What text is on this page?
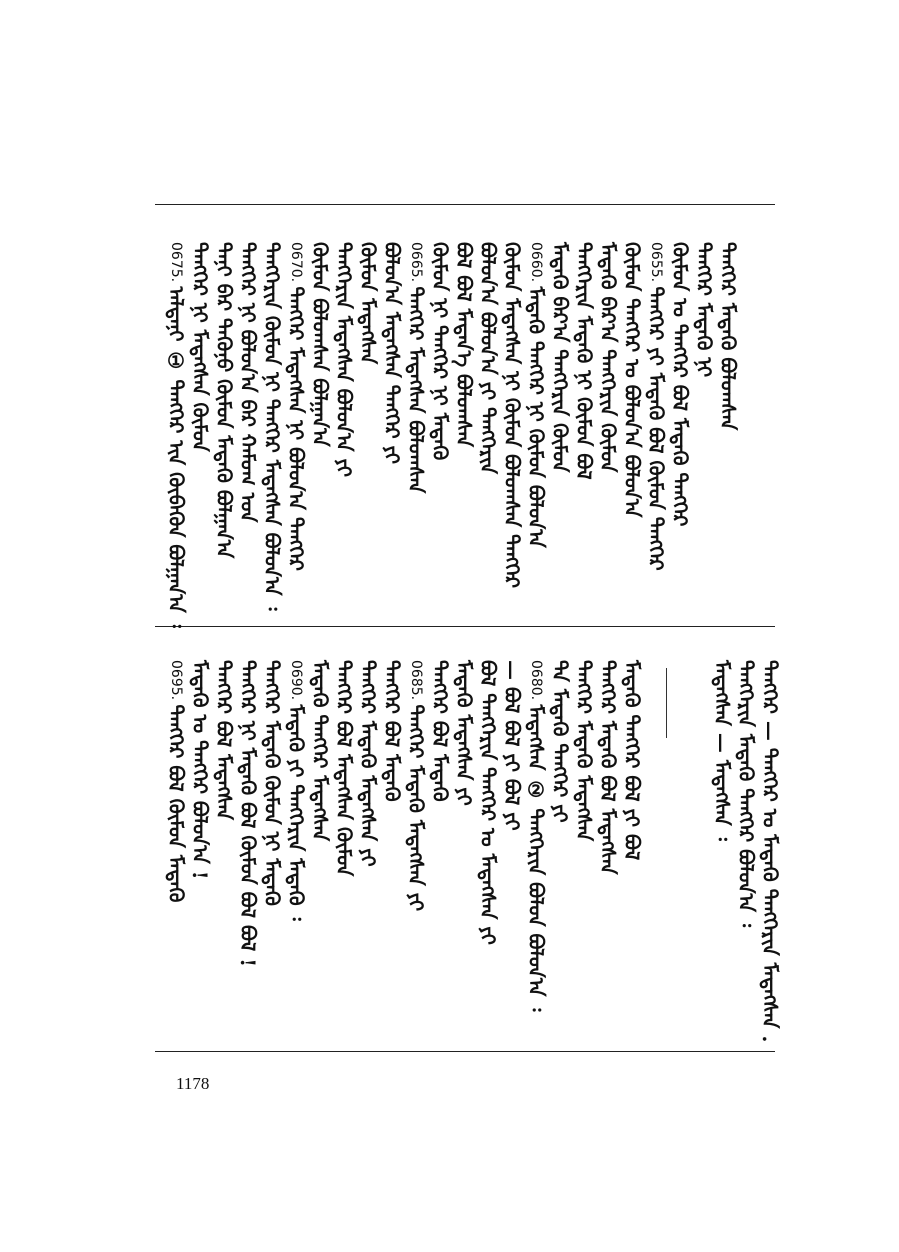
0675. ᠠᠯᠲᠠᠨᠢ ① ᠲᠡᠩᠭᠡᠷ ᠢᠨ ᠬᠥᠪᠡᠭᠦᠨ ᠪᠣᠯᠭᠠᠨ᠎ᠠ ᠄ ᠲᠡᠩᠭᠡᠷ ᠨᠢ ᠮᠡᠳᠡᠭᠰᠡᠨ ᠬᠦᠮᠦᠨ ᠲᠠᠨᠢ ᠪᠠᠷ ᠲᠡᠭᠦᠨᠦ ᠬᠦᠮᠦᠨ ᠮᠡᠳᠡᠬᠦ ᠪᠣᠯᠭᠠᠨ᠎ᠠ ᠲᠡᠩᠭᠡᠷ ᠨᠢ ᠪᠣᠯᠤᠨ᠎ᠠ ᠪᠠᠷ ᠬᠠᠮᠤᠭ ᠤᠨ ᠲᠡᠩᠭᠡᠷᠢᠨ ᠬᠦᠮᠦᠨ ᠨᠢ ᠲᠡᠩᠭᠡᠷ ᠮᠡᠳᠡᠭᠰᠡᠨ ᠪᠣᠯᠤᠨ᠎ᠠ ᠄ 0670. ᠲᠡᠩᠭᠡᠷ ᠮᠡᠳᠡᠭᠰᠡᠨ ᠨᠢ ᠪᠣᠯᠤᠨ᠎ᠠ ᠲᠡᠩᠭᠡᠷ ᠬᠦᠮᠦᠨ ᠪᠣᠯᠤᠭᠰᠠᠨ ᠪᠣᠯᠭᠠᠨ᠎ᠠ ᠲᠡᠩᠭᠡᠷᠢᠨ ᠮᠡᠳᠡᠭᠰᠡᠨ ᠪᠣᠯᠤᠨ᠎ᠠ ᠶᠢ ᠬᠦᠮᠦᠨ ᠮᠡᠳᠡᠭᠰᠡᠨ ᠪᠣᠯᠤᠨ᠎ᠠ ᠮᠡᠳᠡᠭᠰᠡᠨ ᠲᠡᠩᠭᠡᠷ ᠶᠢ 0665. ᠲᠡᠩᠭᠡᠷ ᠮᠡᠳᠡᠭᠰᠡᠨ ᠪᠣᠯᠤᠭᠰᠠᠨ ᠬᠦᠮᠦᠨ ᠨᠢ ᠲᠡᠩᠭᠡᠷ ᠨᠢ ᠮᠡᠳᠡᠬᠦ ᠪᠣᠯ ᠪᠣᠯ ᠮᠡᠳᠡᠨ᠎ᠡ ᠪᠣᠯᠤᠭᠰᠠᠨ ᠪᠣᠯᠤᠨ᠎ᠠ ᠪᠣᠯᠤᠨ᠎ᠠ ᠶᠢ ᠲᠡᠩᠭᠡᠷᠢᠨ ᠬᠦᠮᠦᠨ ᠮᠡᠳᠡᠭᠰᠡᠨ ᠨᠢ ᠬᠦᠮᠦᠨ ᠪᠣᠯᠤᠭᠰᠠᠨ ᠲᠡᠩᠭᠡᠷ 0660. ᠮᠡᠳᠡᠬᠦ ᠲᠡᠩᠭᠡᠷ ᠨᠢ ᠬᠦᠮᠦᠨ ᠪᠣᠯᠤᠨ᠎ᠠ ᠮᠡᠳᠡᠬᠦ ᠪᠠᠷ᠎ᠠ ᠲᠡᠩᠭᠡᠷᠢᠨ ᠬᠦᠮᠦᠨ ᠲᠡᠩᠭᠡᠷᠢᠨ ᠮᠡᠳᠡᠬᠦ ᠨᠢ ᠬᠦᠮᠦᠨ ᠪᠣᠯ ᠮᠡᠳᠡᠬᠦ ᠪᠠᠷ᠎ᠠ ᠲᠡᠩᠭᠡᠷᠢᠨ ᠬᠦᠮᠦᠨ ᠬᠦᠮᠦᠨ ᠲᠡᠩᠭᠡᠷ ᠤ ᠪᠣᠯᠤᠨ᠎ᠠ ᠪᠣᠯᠤᠨ᠎ᠠ 0655. ᠲᠡᠩᠭᠡᠷ ᠶᠢ ᠮᠡᠳᠡᠬᠦ ᠪᠣᠯ ᠬᠦᠮᠦᠨ ᠲᠡᠩᠭᠡᠷ ᠬᠦᠮᠦᠨ ᠤ ᠲᠡᠩᠭᠡᠷ ᠪᠣᠯ ᠮᠡᠳᠡᠬᠦ ᠲᠡᠩᠭᠡᠷ ᠲᠡᠩᠭᠡᠷ ᠮᠡᠳᠡᠬᠦ ᠨᠢ ᠲᠡᠩᠭᠡᠷ ᠮᠡᠳᠡᠬᠦ ᠪᠣᠯᠤᠭᠰᠠᠨ
ᠮᠡᠳᠡᠭᠰᠡᠨ — ᠮᠡᠳᠡᠭᠰᠡᠨ ᠄ ᠲᠡᠩᠭᠡᠷᠢᠨ ᠮᠡᠳᠡᠬᠦ ᠲᠡᠩᠭᠡᠷ ᠪᠣᠯᠤᠨ᠎ᠠ ᠄ ᠲᠡᠩᠭᠡᠷ — ᠲᠡᠩᠭᠡᠷ ᠤ ᠮᠡᠳᠡᠬᠦ ᠲᠡᠩᠭᠡᠷᠢᠨ ᠮᠡᠳᠡᠭᠰᠡᠨ .
0695. ᠲᠡᠩᠭᠡᠷ ᠪᠣᠯ ᠬᠦᠮᠦᠨ ᠮᠡᠳᠡᠬᠦ ᠮᠡᠳᠡᠬᠦ ᠤ ᠲᠡᠩᠭᠡᠷ ᠪᠣᠯᠤᠨ᠎ᠠ ! ᠲᠡᠩᠭᠡᠷ ᠪᠣᠯ ᠮᠡᠳᠡᠭᠰᠡᠨ ᠲᠡᠩᠭᠡᠷ ᠨᠢ ᠮᠡᠳᠡᠬᠦ ᠪᠣᠯ ᠬᠦᠮᠦᠨ ᠪᠣᠯ ᠪᠣᠯ ! ᠲᠡᠩᠭᠡᠷ ᠮᠡᠳᠡᠬᠦ ᠬᠦᠮᠦᠨ ᠨᠢ ᠮᠡᠳᠡᠬᠦ 0690. ᠮᠡᠳᠡᠬᠦ ᠶᠢ ᠲᠡᠩᠭᠡᠷᠢᠨ ᠮᠡᠳᠡᠬᠦ ᠄ ᠮᠡᠳᠡᠬᠦ ᠲᠡᠩᠭᠡᠷ ᠮᠡᠳᠡᠭᠰᠡᠨ ᠲᠡᠩᠭᠡᠷ ᠪᠣᠯ ᠮᠡᠳᠡᠭᠰᠡᠨ ᠬᠦᠮᠦᠨ ᠲᠡᠩᠭᠡᠷ ᠮᠡᠳᠡᠬᠦ ᠮᠡᠳᠡᠭᠰᠡᠨ ᠶᠢ ᠲᠡᠩᠭᠡᠷ ᠪᠣᠯ ᠮᠡᠳᠡᠬᠦ 0685. ᠲᠡᠩᠭᠡᠷ ᠮᠡᠳᠡᠬᠦ ᠮᠡᠳᠡᠭᠰᠡᠨ ᠶᠢ ᠲᠡᠩᠭᠡᠷ ᠪᠣᠯ ᠮᠡᠳᠡᠬᠦ ᠮᠡᠳᠡᠬᠦ ᠮᠡᠳᠡᠭᠰᠡᠨ ᠶᠢ ᠪᠣᠯ ᠲᠡᠩᠭᠡᠷᠢᠨ ᠲᠡᠩᠭᠡᠷ ᠤ ᠮᠡᠳᠡᠭᠰᠡᠨ ᠶᠢ — ᠪᠣᠯ ᠪᠣᠯ ᠶᠢ ᠪᠣᠯ ᠶᠢ 0680. ᠮᠡᠳᠡᠭᠰᠡᠨ ② ᠲᠡᠩᠭᠡᠷᠢᠨ ᠪᠣᠯᠤᠨ ᠪᠣᠯᠤᠨ᠎ᠠ ᠄ ᠲᠡ ᠮᠡᠳᠡᠬᠦ ᠲᠡᠩᠭᠡᠷ ᠶᠢ ᠲᠡᠩᠭᠡᠷ ᠮᠡᠳᠡᠬᠦ ᠮᠡᠳᠡᠭᠰᠡᠨ ᠲᠡᠩᠭᠡᠷ ᠮᠡᠳᠡᠬᠦ ᠪᠣᠯ ᠮᠡᠳᠡᠭᠰᠡᠨ ᠮᠡᠳᠡᠬᠦ ᠲᠡᠩᠭᠡᠷ ᠪᠣᠯ ᠶᠢ ᠪᠣᠯ
1178
